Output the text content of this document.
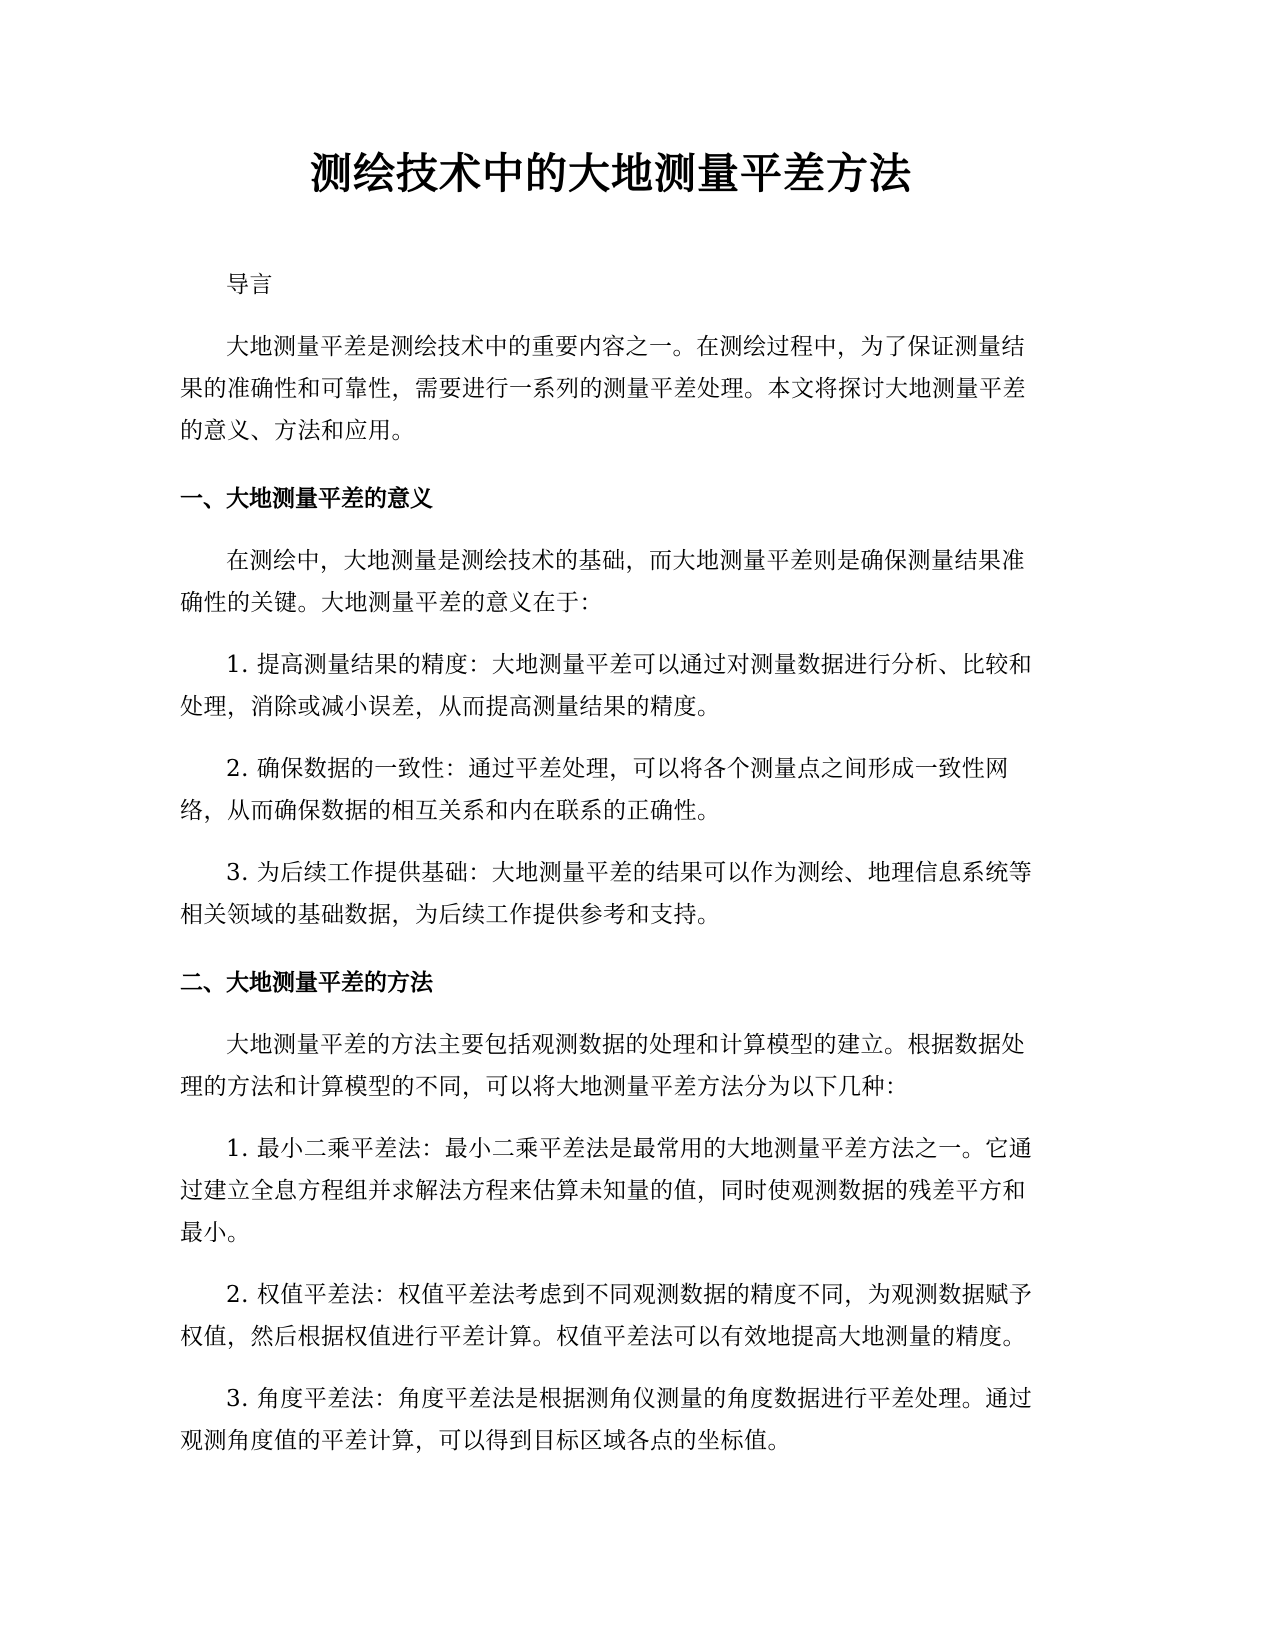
测绘技术中的大地测量平差方法

导言

大地测量平差是测绘技术中的重要内容之一。在测绘过程中，为了保证测量结果的准确性和可靠性，需要进行一系列的测量平差处理。本文将探讨大地测量平差的意义、方法和应用。

一、大地测量平差的意义

在测绘中，大地测量是测绘技术的基础，而大地测量平差则是确保测量结果准确性的关键。大地测量平差的意义在于：

1. 提高测量结果的精度：大地测量平差可以通过对测量数据进行分析、比较和处理，消除或减小误差，从而提高测量结果的精度。

2. 确保数据的一致性：通过平差处理，可以将各个测量点之间形成一致性网络，从而确保数据的相互关系和内在联系的正确性。

3. 为后续工作提供基础：大地测量平差的结果可以作为测绘、地理信息系统等相关领域的基础数据，为后续工作提供参考和支持。

二、大地测量平差的方法

大地测量平差的方法主要包括观测数据的处理和计算模型的建立。根据数据处理的方法和计算模型的不同，可以将大地测量平差方法分为以下几种：

1. 最小二乘平差法：最小二乘平差法是最常用的大地测量平差方法之一。它通过建立全息方程组并求解法方程来估算未知量的值，同时使观测数据的残差平方和最小。

2. 权值平差法：权值平差法考虑到不同观测数据的精度不同，为观测数据赋予权值，然后根据权值进行平差计算。权值平差法可以有效地提高大地测量的精度。

3. 角度平差法：角度平差法是根据测角仪测量的角度数据进行平差处理。通过观测角度值的平差计算，可以得到目标区域各点的坐标值。
